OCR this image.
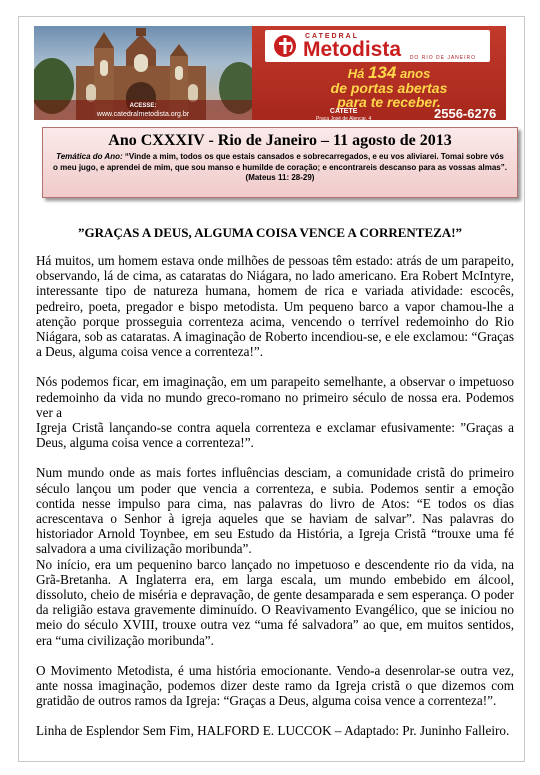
ACESSE:
www.catedralmetodista.org.br
CATEDRAL
Metodista DO RIO DE JANEIRO
Há 134 anos
de portas abertas
para te receber.
CATETE
Praça José de Alencar, 4	2556-6276
Ano CXXXIV - Rio de Janeiro – 11 agosto de 2013
Temática do Ano: “Vinde a mim, todos os que estais cansados e sobrecarregados, e eu vos aliviarei. Tomai sobre vós o meu jugo, e aprendei de mim, que sou manso e humilde de coração; e encontrareis descanso para as vossas almas”. (Mateus 11: 28-29)
”GRAÇAS A DEUS, ALGUMA COISA VENCE A CORRENTEZA!”

Há muitos, um homem estava onde milhões de pessoas têm estado: atrás de um parapeito, observando, lá de cima, as cataratas do Niágara, no lado americano. Era Robert McIntyre, interessante tipo de natureza humana, homem de rica e variada atividade: escocês, pedreiro, poeta, pregador e bispo metodista. Um pequeno barco a vapor chamou-lhe a atenção porque prosseguia correnteza acima, vencendo o terrível redemoinho do Rio Niágara, sob as cataratas. A imaginação de Roberto incendiou-se, e ele exclamou: “Graças a Deus, alguma coisa vence a correnteza!”.

Nós podemos ficar, em imaginação, em um parapeito semelhante, a observar o impetuoso redemoinho da vida no mundo greco-romano no primeiro século de nossa era. Podemos ver a

Igreja Cristã lançando-se contra aquela correnteza e exclamar efusivamente: ”Graças a Deus, alguma coisa vence a correnteza!”.

Num mundo onde as mais fortes influências desciam, a comunidade cristã do primeiro século lançou um poder que vencia a correnteza, e subia. Podemos sentir a emoção contida nesse impulso para cima, nas palavras do livro de Atos: “E todos os dias acrescentava o Senhor à igreja aqueles que se haviam de salvar”. Nas palavras do historiador Arnold Toynbee, em seu Estudo da História, a Igreja Cristã “trouxe uma fé salvadora a uma civilização moribunda”.

No início, era um pequenino barco lançado no impetuoso e descendente rio da vida, na Grã-Bretanha. A Inglaterra era, em larga escala, um mundo embebido em álcool, dissoluto, cheio de miséria e depravação, de gente desamparada e sem esperança. O poder da religião estava gravemente diminuído. O Reavivamento Evangélico, que se iniciou no meio do século XVIII, trouxe outra vez “uma fé salvadora” ao que, em muitos sentidos, era “uma civilização moribunda”.

O Movimento Metodista, é uma história emocionante. Vendo-a desenrolar-se outra vez, ante nossa imaginação, podemos dizer deste ramo da Igreja cristã o que dizemos com gratidão de outros ramos da Igreja: “Graças a Deus, alguma coisa vence a correnteza!”.

Linha de Esplendor Sem Fim, HALFORD E. LUCCOK – Adaptado: Pr. Juninho Falleiro.
